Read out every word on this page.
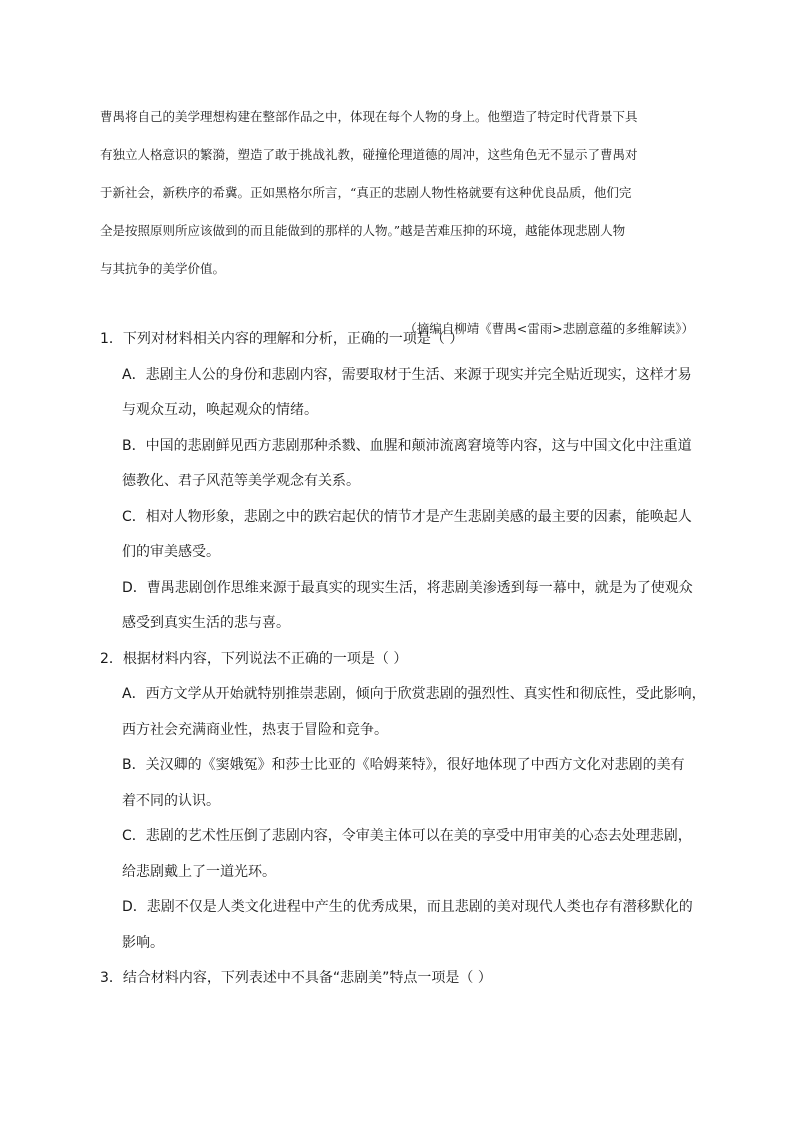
曹禺将自己的美学理想构建在整部作品之中，体现在每个人物的身上。他塑造了特定时代背景下具

有独立人格意识的繁漪，塑造了敢于挑战礼教，碰撞伦理道德的周冲，这些角色无不显示了曹禺对

于新社会，新秩序的希冀。正如黑格尔所言，“真正的悲剧人物性格就要有这种优良品质，他们完

全是按照原则所应该做到的而且能做到的那样的人物。”越是苦难压抑的环境，越能体现悲剧人物

与其抗争的美学价值。

（摘编自柳靖《曹禺<雷雨>悲剧意蕴的多维解读》）
1．下列对材料相关内容的理解和分析，正确的一项是（ ）
A．悲剧主人公的身份和悲剧内容，需要取材于生活、来源于现实并完全贴近现实，这样才易
与观众互动，唤起观众的情绪。
B．中国的悲剧鲜见西方悲剧那种杀戮、血腥和颠沛流离窘境等内容，这与中国文化中注重道
德教化、君子风范等美学观念有关系。
C．相对人物形象，悲剧之中的跌宕起伏的情节才是产生悲剧美感的最主要的因素，能唤起人
们的审美感受。
D．曹禺悲剧创作思维来源于最真实的现实生活，将悲剧美渗透到每一幕中，就是为了使观众
感受到真实生活的悲与喜。
2．根据材料内容，下列说法不正确的一项是（ ）
A．西方文学从开始就特别推崇悲剧，倾向于欣赏悲剧的强烈性、真实性和彻底性，受此影响，
西方社会充满商业性，热衷于冒险和竞争。
B．关汉卿的《窦娥冤》和莎士比亚的《哈姆莱特》，很好地体现了中西方文化对悲剧的美有
着不同的认识。
C．悲剧的艺术性压倒了悲剧内容，令审美主体可以在美的享受中用审美的心态去处理悲剧，
给悲剧戴上了一道光环。
D．悲剧不仅是人类文化进程中产生的优秀成果，而且悲剧的美对现代人类也存有潜移默化的
影响。
3．结合材料内容，下列表述中不具备“悲剧美”特点一项是（ ）
